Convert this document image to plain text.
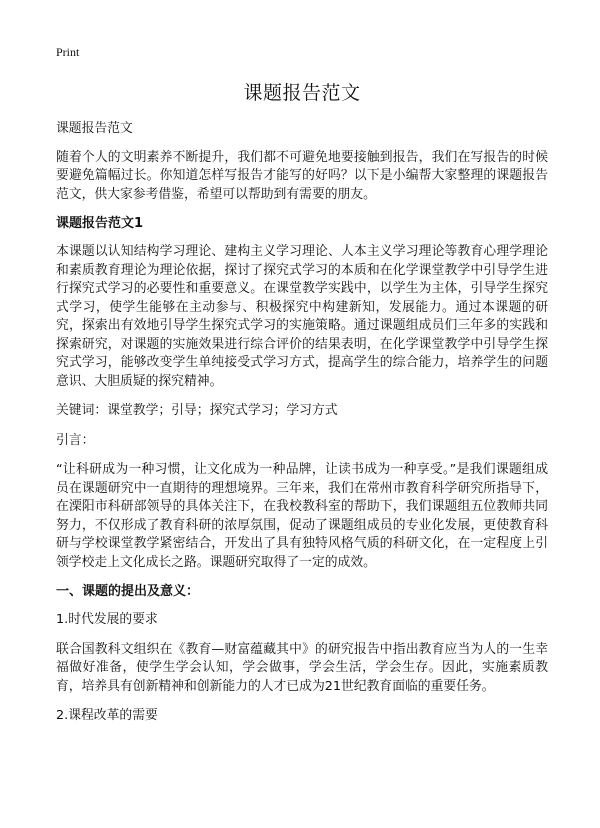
Print
课题报告范文

课题报告范文

随着个人的文明素养不断提升，我们都不可避免地要接触到报告，我们在写报告的时候要避免篇幅过长。你知道怎样写报告才能写的好吗？以下是小编帮大家整理的课题报告范文，供大家参考借鉴，希望可以帮助到有需要的朋友。

课题报告范文1

本课题以认知结构学习理论、建构主义学习理论、人本主义学习理论等教育心理学理论和素质教育理论为理论依据，探讨了探究式学习的本质和在化学课堂教学中引导学生进行探究式学习的必要性和重要意义。在课堂教学实践中，以学生为主体，引导学生探究式学习，使学生能够在主动参与、积极探究中构建新知，发展能力。通过本课题的研究，探索出有效地引导学生探究式学习的实施策略。通过课题组成员们三年多的实践和探索研究，对课题的实施效果进行综合评价的结果表明，在化学课堂教学中引导学生探究式学习，能够改变学生单纯接受式学习方式，提高学生的综合能力，培养学生的问题意识、大胆质疑的探究精神。

关键词：课堂教学；引导；探究式学习；学习方式

引言：

“让科研成为一种习惯，让文化成为一种品牌，让读书成为一种享受。”是我们课题组成员在课题研究中一直期待的理想境界。三年来，我们在常州市教育科学研究所指导下，在溧阳市科研部领导的具体关注下，在我校教科室的帮助下，我们课题组五位教师共同努力，不仅形成了教育科研的浓厚氛围，促动了课题组成员的专业化发展，更使教育科研与学校课堂教学紧密结合，开发出了具有独特风格气质的科研文化，在一定程度上引领学校走上文化成长之路。课题研究取得了一定的成效。

一、课题的提出及意义：

1.时代发展的要求

联合国教科文组织在《教育—财富蕴藏其中》的研究报告中指出教育应当为人的一生幸福做好准备，使学生学会认知，学会做事，学会生活，学会生存。因此，实施素质教育，培养具有创新精神和创新能力的人才已成为21世纪教育面临的重要任务。

2.课程改革的需要
